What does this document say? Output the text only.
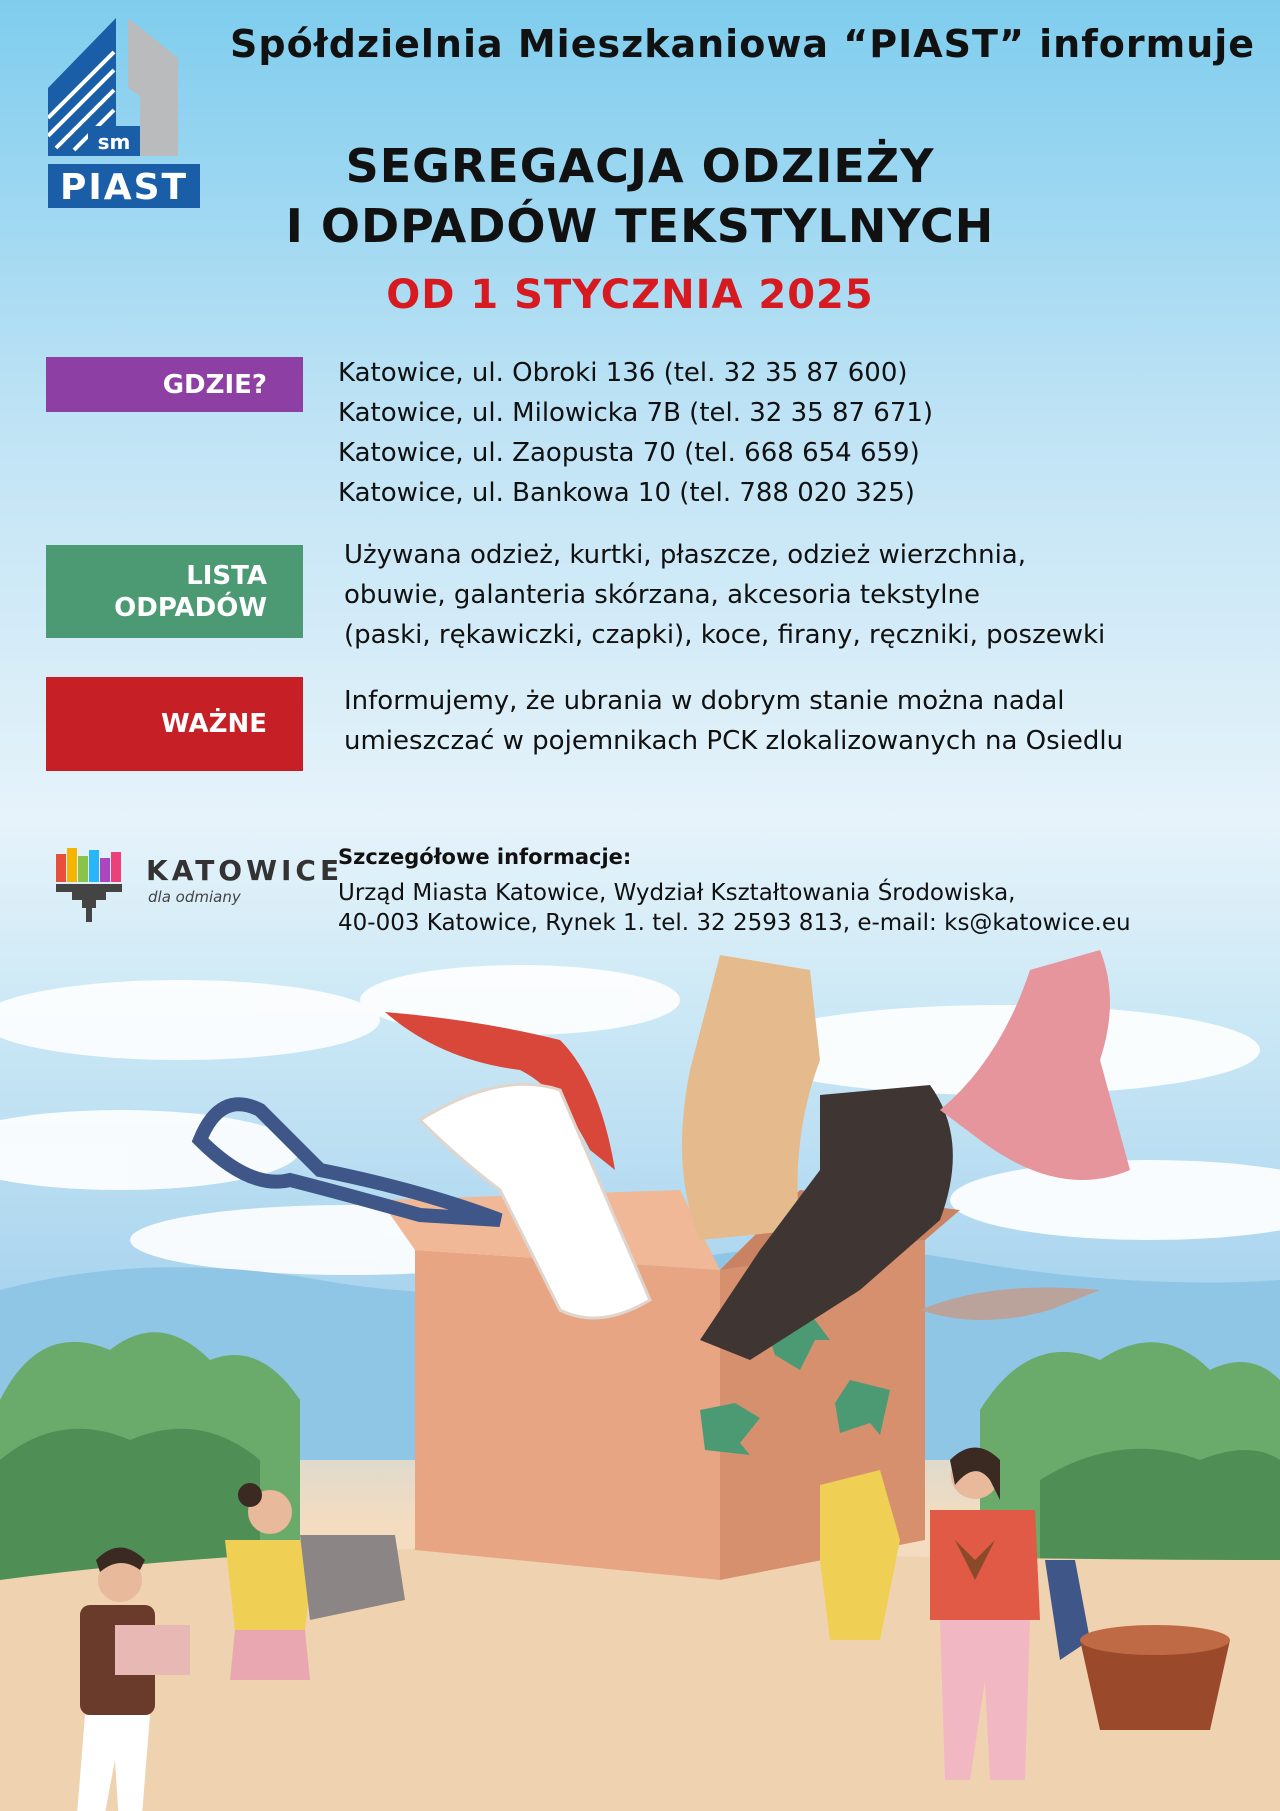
sm
PIAST
Spółdzielnia Mieszkaniowa “PIAST” informuje
SEGREGACJA ODZIEŻY
I ODPADÓW TEKSTYLNYCH
OD 1 STYCZNIA 2025
GDZIE?	Katowice, ul. Obroki 136 (tel. 32 35 87 600)
Katowice, ul. Milowicka 7B (tel. 32 35 87 671)
Katowice, ul. Zaopusta 70 (tel. 668 654 659)
Katowice, ul. Bankowa 10 (tel. 788 020 325)
LISTA
ODPADÓW
Używana odzież, kurtki, płaszcze, odzież wierzchnia,
obuwie, galanteria skórzana, akcesoria tekstylne
(paski, rękawiczki, czapki), koce, firany, ręczniki, poszewki
WAŻNE
Informujemy, że ubrania w dobrym stanie można nadal
umieszczać w pojemnikach PCK zlokalizowanych na Osiedlu
KATOWICE
dla odmiany
Szczegółowe informacje:
Urząd Miasta Katowice, Wydział Kształtowania Środowiska,
40-003 Katowice, Rynek 1. tel. 32 2593 813, e-mail: ks@katowice.eu
